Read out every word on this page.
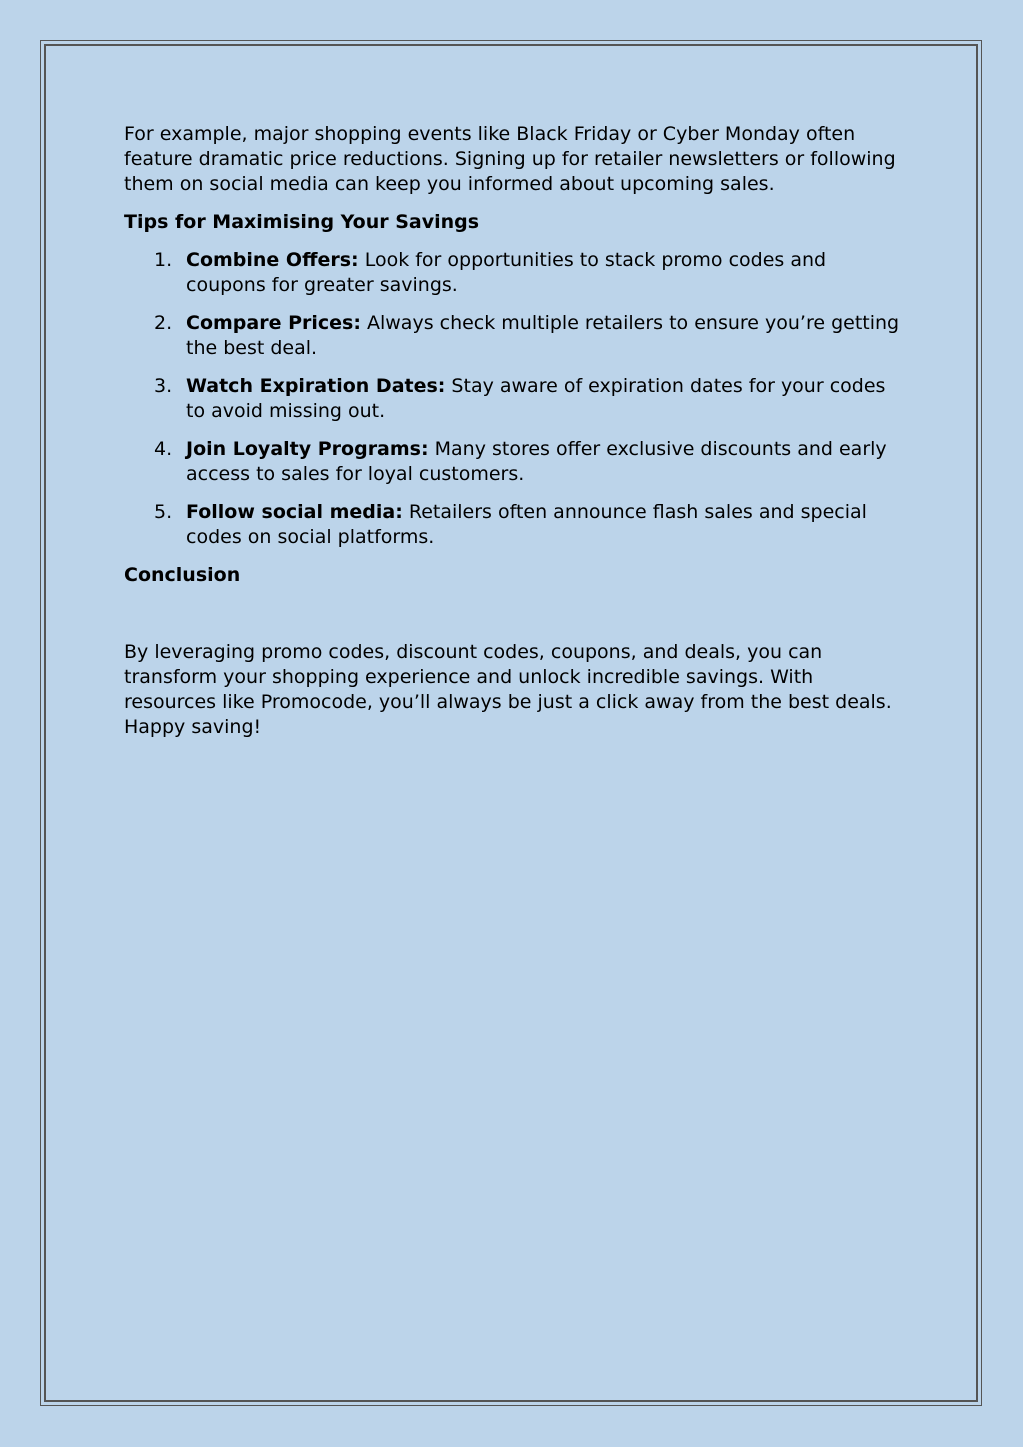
For example, major shopping events like Black Friday or Cyber Monday often feature dramatic price reductions. Signing up for retailer newsletters or following them on social media can keep you informed about upcoming sales.

Tips for Maximising Your Savings

1. Combine Offers: Look for opportunities to stack promo codes and coupons for greater savings.
2. Compare Prices: Always check multiple retailers to ensure you’re getting the best deal.
3. Watch Expiration Dates: Stay aware of expiration dates for your codes to avoid missing out.
4. Join Loyalty Programs: Many stores offer exclusive discounts and early access to sales for loyal customers.
5. Follow social media: Retailers often announce flash sales and special codes on social platforms.

Conclusion

By leveraging promo codes, discount codes, coupons, and deals, you can transform your shopping experience and unlock incredible savings. With resources like Promocode, you’ll always be just a click away from the best deals. Happy saving!
